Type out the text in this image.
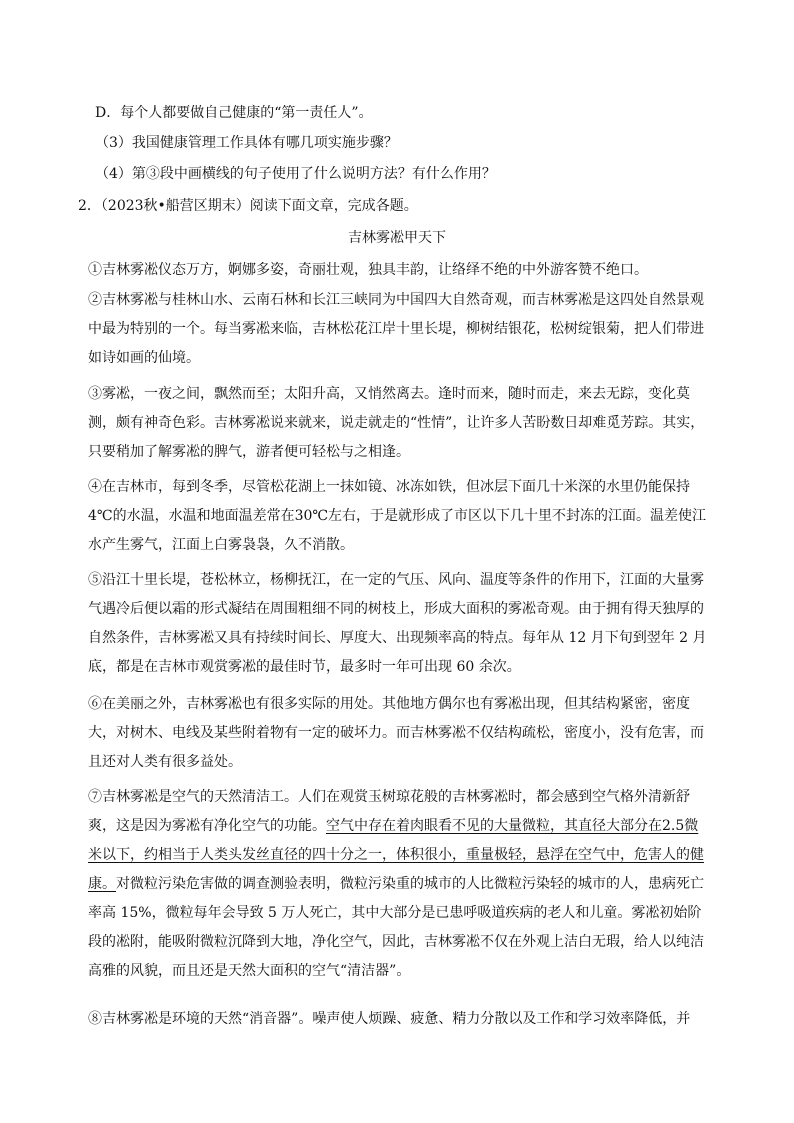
D．每个人都要做自己健康的“第一责任人”。
（3）我国健康管理工作具体有哪几项实施步骤？
（4）第③段中画横线的句子使用了什么说明方法？有什么作用？
2．（2023秋•船营区期末）阅读下面文章，完成各题。
吉林雾凇甲天下
①吉林雾凇仪态万方，婀娜多姿，奇丽壮观，独具丰韵，让络绎不绝的中外游客赞不绝口。
②吉林雾凇与桂林山水、云南石林和长江三峡同为中国四大自然奇观，而吉林雾凇是这四处自然景观中最为特别的一个。每当雾凇来临，吉林松花江岸十里长堤，柳树结银花，松树绽银菊，把人们带进如诗如画的仙境。
③雾凇，一夜之间，飘然而至；太阳升高，又悄然离去。逢时而来，随时而走，来去无踪，变化莫测，颇有神奇色彩。吉林雾凇说来就来，说走就走的“性情”，让许多人苦盼数日却难觅芳踪。其实，只要稍加了解雾凇的脾气，游者便可轻松与之相逢。
④在吉林市，每到冬季，尽管松花湖上一抹如镜、冰冻如铁，但冰层下面几十米深的水里仍能保持4℃的水温，水温和地面温差常在30℃左右，于是就形成了市区以下几十里不封冻的江面。温差使江水产生雾气，江面上白雾袅袅，久不消散。
⑤沿江十里长堤，苍松林立，杨柳抚江，在一定的气压、风向、温度等条件的作用下，江面的大量雾气遇冷后便以霜的形式凝结在周围粗细不同的树枝上，形成大面积的雾凇奇观。由于拥有得天独厚的自然条件，吉林雾凇又具有持续时间长、厚度大、出现频率高的特点。每年从 12 月下旬到翌年 2 月底，都是在吉林市观赏雾凇的最佳时节，最多时一年可出现 60 余次。
⑥在美丽之外，吉林雾凇也有很多实际的用处。其他地方偶尔也有雾凇出现，但其结构紧密，密度大，对树木、电线及某些附着物有一定的破坏力。而吉林雾凇不仅结构疏松，密度小，没有危害，而且还对人类有很多益处。
⑦吉林雾凇是空气的天然清洁工。人们在观赏玉树琼花般的吉林雾凇时，都会感到空气格外清新舒爽，这是因为雾凇有净化空气的功能。空气中存在着肉眼看不见的大量微粒，其直径大部分在2.5微米以下，约相当于人类头发丝直径的四十分之一，体积很小，重量极轻，悬浮在空气中，危害人的健康。对微粒污染危害做的调查测验表明，微粒污染重的城市的人比微粒污染轻的城市的人，患病死亡率高 15%，微粒每年会导致 5 万人死亡，其中大部分是已患呼吸道疾病的老人和儿童。雾凇初始阶段的凇附，能吸附微粒沉降到大地，净化空气，因此，吉林雾凇不仅在外观上洁白无瑕，给人以纯洁高雅的风貌，而且还是天然大面积的空气“清洁器”。
⑧吉林雾凇是环境的天然“消音器”。噪声使人烦躁、疲惫、精力分散以及工作和学习效率降低，并
